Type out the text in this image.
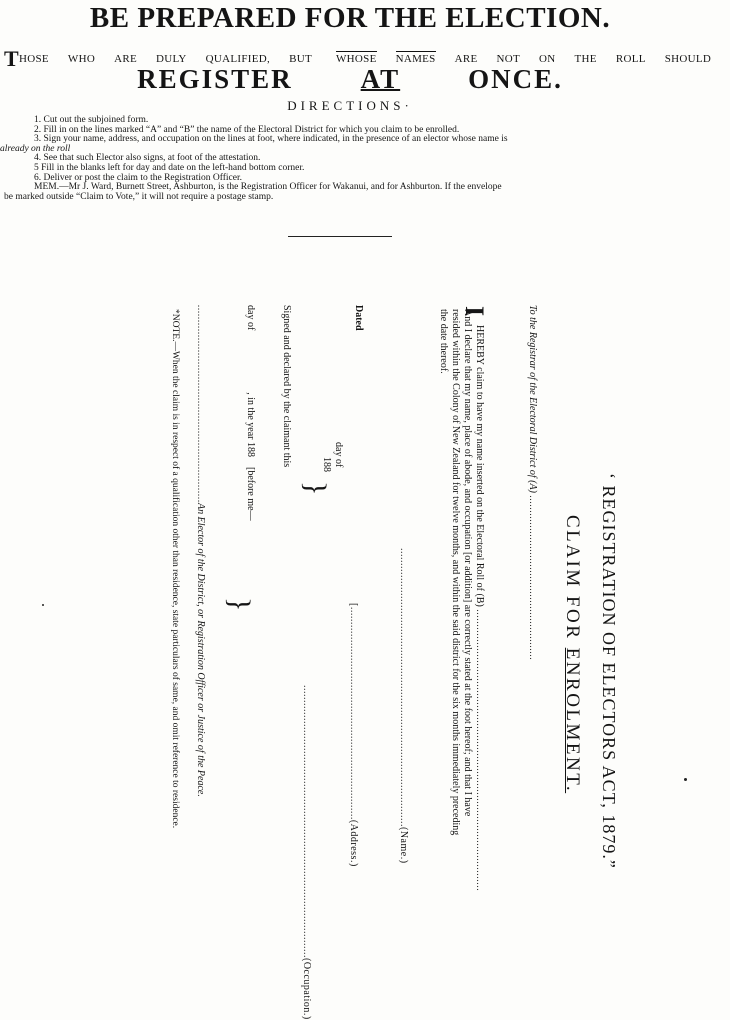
BE PREPARED FOR THE ELECTION.
THOSE WHO ARE DULY QUALIFIED, BUT WHOSE NAMES ARE NOT ON THE ROLL SHOULD
REGISTER	AT	ONCE.
DIRECTIONS·
1. Cut out the subjoined form.
2. Fill in on the lines marked “A” and “B” the name of the Electoral District for which you claim to be enrolled.
3. Sign your name, address, and occupation on the lines at foot, where indicated, in the presence of an elector whose name is
already on the roll
4. See that such Elector also signs, at foot of the attestation.
5 Fill in the blanks left for day and date on the left-hand bottom corner.
6. Deliver or post the claim to the Registration Officer.
MEM.—Mr J. Ward, Burnett Street, Ashburton, is the Registration Officer for Wakanui, and for Ashburton. If the envelope
be marked outside “Claim to Vote,” it will not require a postage stamp.
‘ REGISTRATION OF ELECTORS ACT, 1879.”
CLAIM FOR ENROLMENT.
To the Registrar of the Electoral District of (A) .......................................................
I
HEREBY claim to have my name inserted on the Electoral Roll of (B) ..............................................................................................
And I declare that my name, place of abode, and occupation [or addition] are correctly stated at the foot hereof; and that I have
resided within the Colony of New Zealand for twelve months, and within the said district for the six months immediately preceding
the date thereof.
.............................................................................................(Name.)
[.......................................................................(Address.)
...........................................................................................(Occupation.)
Dated
day of
188
}
Signed and declared by the claimant this
day of, in the year 188[before me—
}
..................................................................An Elector of the District, or Registration Officer or Justice of the Peace.
*NOTE.—When the claim is in respect of a qualification other than residence, state particulars of same, and omit reference to residence.
